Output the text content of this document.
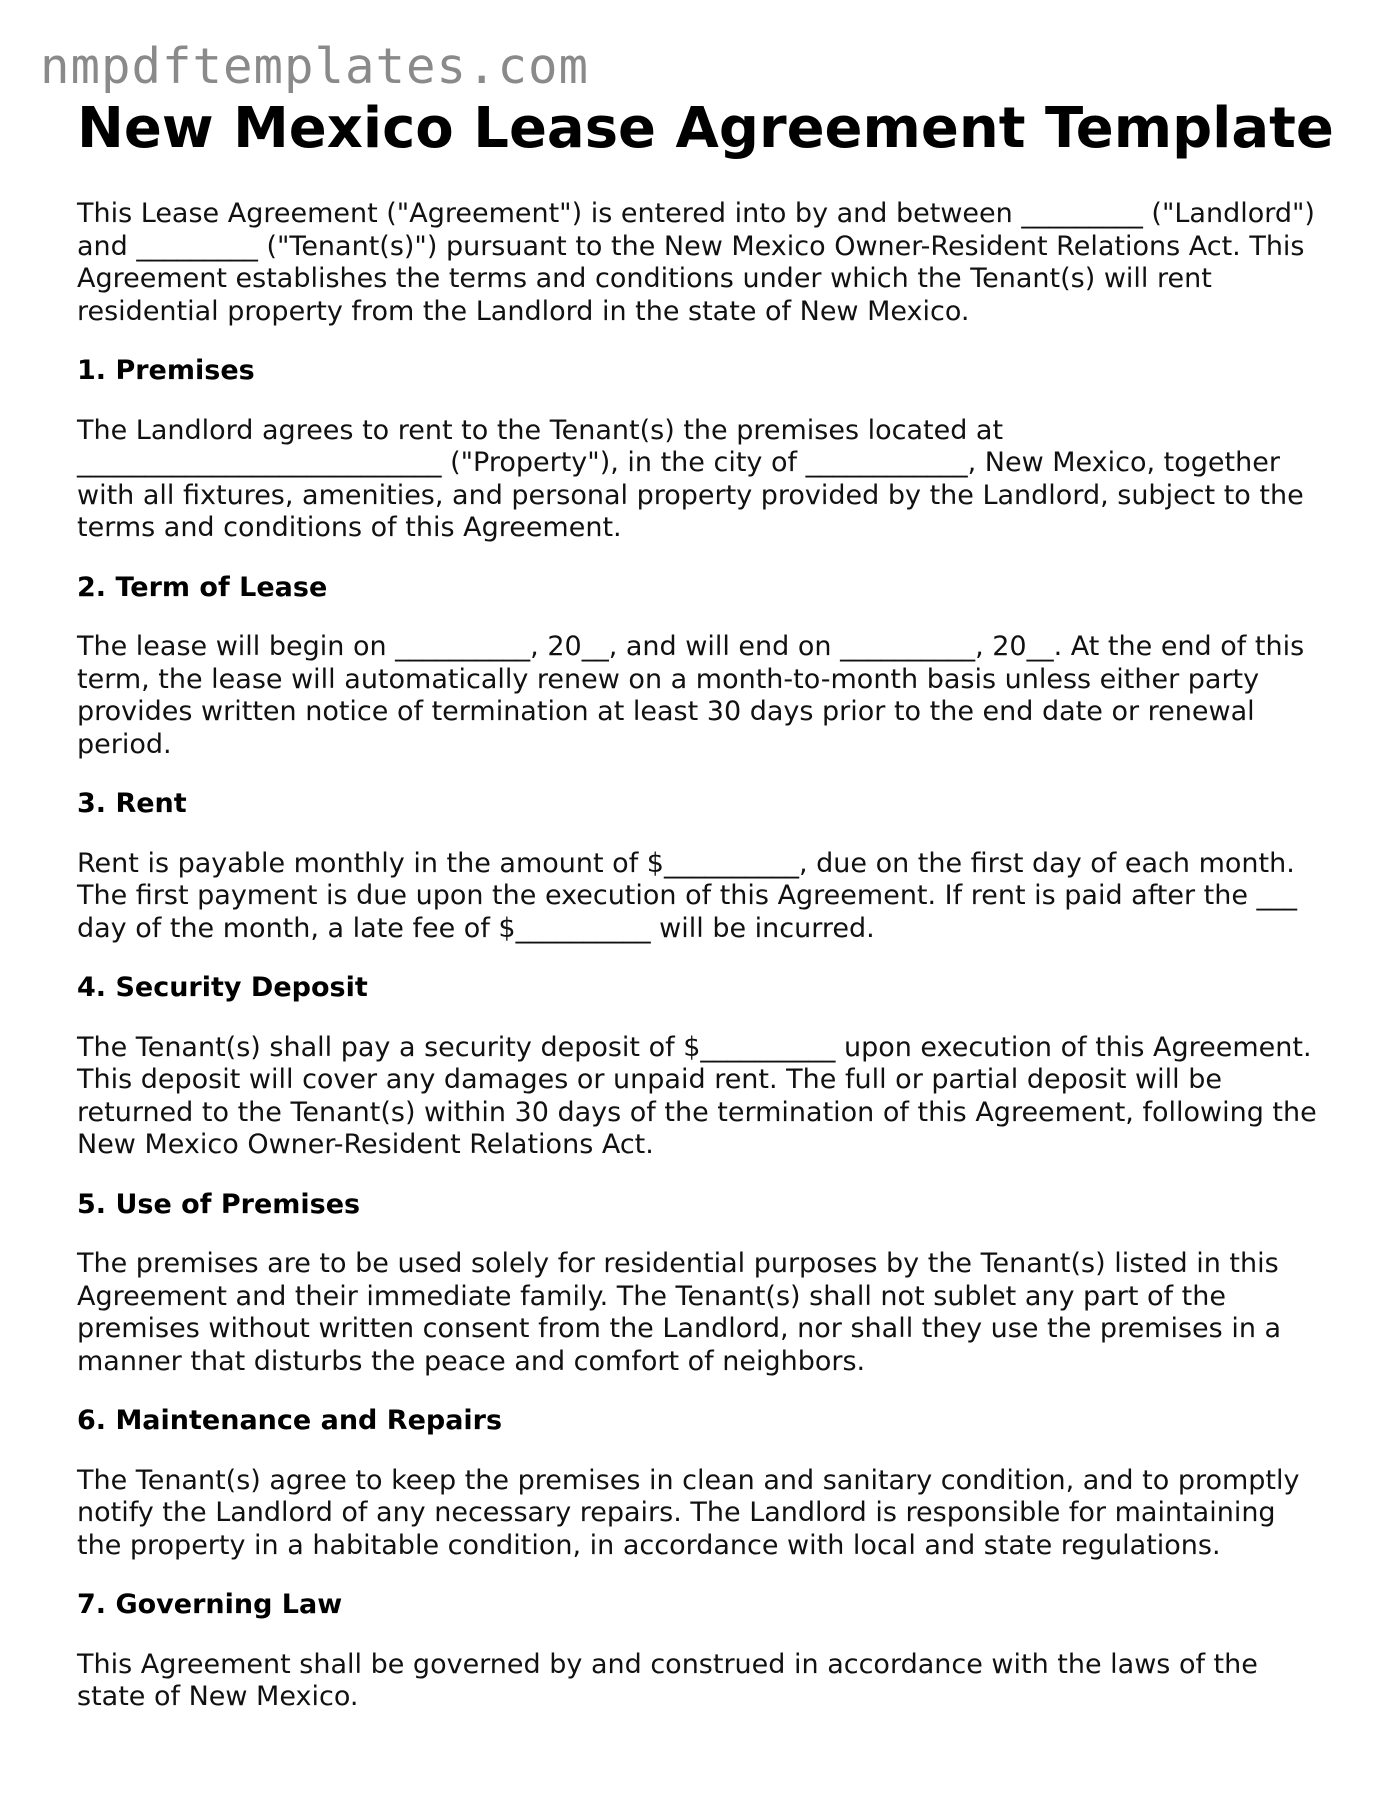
nmpdftemplates.com
New Mexico Lease Agreement Template

This Lease Agreement ("Agreement") is entered into by and between _________ ("Landlord") and _________ ("Tenant(s)") pursuant to the New Mexico Owner-Resident Relations Act. This Agreement establishes the terms and conditions under which the Tenant(s) will rent residential property from the Landlord in the state of New Mexico.

1. Premises

The Landlord agrees to rent to the Tenant(s) the premises located at ___________________________ ("Property"), in the city of ____________, New Mexico, together with all fixtures, amenities, and personal property provided by the Landlord, subject to the terms and conditions of this Agreement.

2. Term of Lease

The lease will begin on __________, 20__, and will end on __________, 20__. At the end of this term, the lease will automatically renew on a month-to-month basis unless either party provides written notice of termination at least 30 days prior to the end date or renewal period.

3. Rent

Rent is payable monthly in the amount of $__________, due on the first day of each month. The first payment is due upon the execution of this Agreement. If rent is paid after the ___ day of the month, a late fee of $__________ will be incurred.

4. Security Deposit

The Tenant(s) shall pay a security deposit of $__________ upon execution of this Agreement. This deposit will cover any damages or unpaid rent. The full or partial deposit will be returned to the Tenant(s) within 30 days of the termination of this Agreement, following the New Mexico Owner-Resident Relations Act.

5. Use of Premises

The premises are to be used solely for residential purposes by the Tenant(s) listed in this Agreement and their immediate family. The Tenant(s) shall not sublet any part of the premises without written consent from the Landlord, nor shall they use the premises in a manner that disturbs the peace and comfort of neighbors.

6. Maintenance and Repairs

The Tenant(s) agree to keep the premises in clean and sanitary condition, and to promptly notify the Landlord of any necessary repairs. The Landlord is responsible for maintaining the property in a habitable condition, in accordance with local and state regulations.

7. Governing Law

This Agreement shall be governed by and construed in accordance with the laws of the state of New Mexico.
